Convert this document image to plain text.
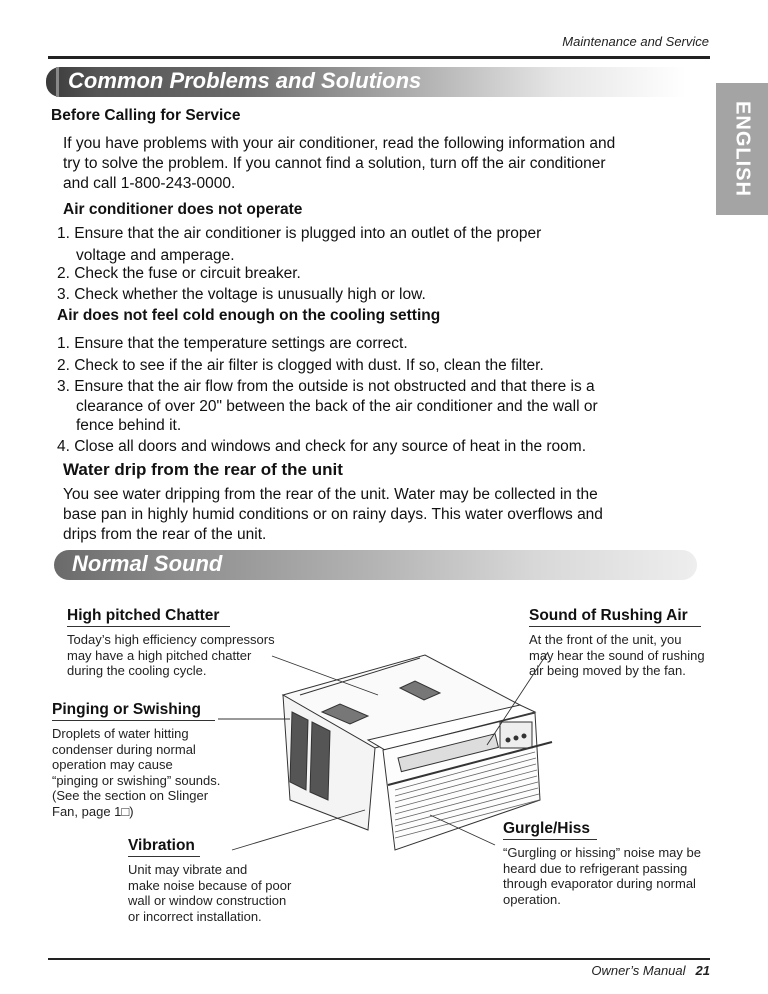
Maintenance and Service
Common Problems and Solutions
ENGLISH
Before Calling for Service
If you have problems with your air conditioner, read the following information and
try to solve the problem. If you cannot find a solution, turn off the air conditioner
and call 1-800-243-0000.
Air conditioner does not operate
1. Ensure that the air conditioner is plugged into an outlet of the proper
voltage and amperage.
2. Check the fuse or circuit breaker.
3. Check whether the voltage is unusually high or low.
Air does not feel cold enough on the cooling setting
1. Ensure that the temperature settings are correct.
2. Check to see if the air filter is clogged with dust. If so, clean the filter.
3. Ensure that the air flow from the outside is not obstructed and that there is a
clearance of over 20" between the back of the air conditioner and the wall or
fence behind it.
4. Close all doors and windows and check for any source of heat in the room.
Water drip from the rear of the unit
You see water dripping from the rear of the unit. Water may be collected in the
base pan in highly humid conditions or on rainy days. This water overflows and
drips from the rear of the unit.
Normal Sound
High pitched Chatter
Today’s high efficiency compressors
may have a high pitched chatter
during the cooling cycle.
Sound of Rushing Air
At the front of the unit, you
may hear the sound of rushing
air being moved by the fan.
Pinging or Swishing
Droplets of water hitting
condenser during normal
operation may cause
“pinging or swishing” sounds.
(See the section on Slinger
Fan, page 1□)
Vibration
Unit may vibrate and
make noise because of poor
wall or window construction
or incorrect installation.
Gurgle/Hiss
“Gurgling or hissing” noise may be
heard due to refrigerant passing
through evaporator during normal
operation.
Owner’s Manual 21
